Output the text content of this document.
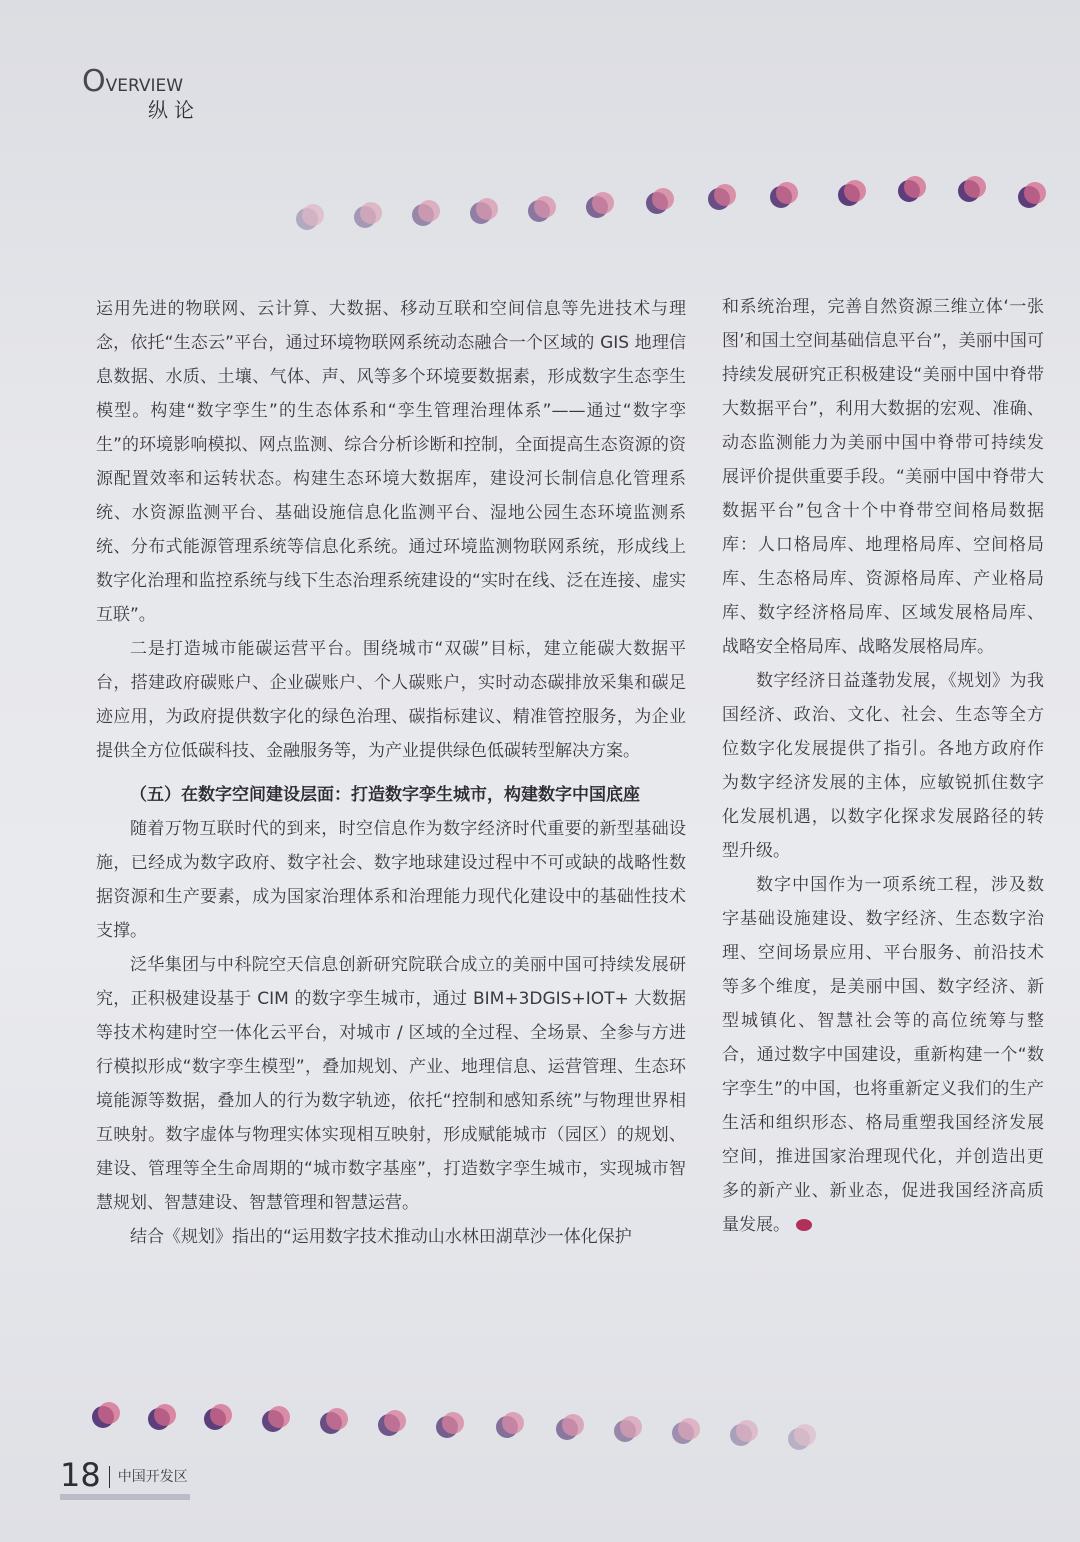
OVERVIEW
纵论

运用先进的物联网、云计算、大数据、移动互联和空间信息等先进技术与理念，依托“生态云”平台，通过环境物联网系统动态融合一个区域的 GIS 地理信息数据、水质、土壤、气体、声、风等多个环境要数据素，形成数字生态孪生模型。构建“数字孪生”的生态体系和“孪生管理治理体系”——通过“数字孪生”的环境影响模拟、网点监测、综合分析诊断和控制，全面提高生态资源的资源配置效率和运转状态。构建生态环境大数据库，建设河长制信息化管理系统、水资源监测平台、基础设施信息化监测平台、湿地公园生态环境监测系统、分布式能源管理系统等信息化系统。通过环境监测物联网系统，形成线上数字化治理和监控系统与线下生态治理系统建设的“实时在线、泛在连接、虚实互联”。

二是打造城市能碳运营平台。围绕城市“双碳”目标，建立能碳大数据平台，搭建政府碳账户、企业碳账户、个人碳账户，实时动态碳排放采集和碳足迹应用，为政府提供数字化的绿色治理、碳指标建议、精准管控服务，为企业提供全方位低碳科技、金融服务等，为产业提供绿色低碳转型解决方案。

（五）在数字空间建设层面：打造数字孪生城市，构建数字中国底座

随着万物互联时代的到来，时空信息作为数字经济时代重要的新型基础设施，已经成为数字政府、数字社会、数字地球建设过程中不可或缺的战略性数据资源和生产要素，成为国家治理体系和治理能力现代化建设中的基础性技术支撑。

泛华集团与中科院空天信息创新研究院联合成立的美丽中国可持续发展研究，正积极建设基于 CIM 的数字孪生城市，通过 BIM+3DGIS+IOT+ 大数据等技术构建时空一体化云平台，对城市 / 区域的全过程、全场景、全参与方进行模拟形成“数字孪生模型”，叠加规划、产业、地理信息、运营管理、生态环境能源等数据，叠加人的行为数字轨迹，依托“控制和感知系统”与物理世界相互映射。数字虚体与物理实体实现相互映射，形成赋能城市（园区）的规划、建设、管理等全生命周期的“城市数字基座”，打造数字孪生城市，实现城市智慧规划、智慧建设、智慧管理和智慧运营。

结合《规划》指出的“运用数字技术推动山水林田湖草沙一体化保护

和系统治理，完善自然资源三维立体‘一张图’和国土空间基础信息平台”，美丽中国可持续发展研究正积极建设“美丽中国中脊带大数据平台”，利用大数据的宏观、准确、动态监测能力为美丽中国中脊带可持续发展评价提供重要手段。“美丽中国中脊带大数据平台”包含十个中脊带空间格局数据库：人口格局库、地理格局库、空间格局库、生态格局库、资源格局库、产业格局库、数字经济格局库、区域发展格局库、战略安全格局库、战略发展格局库。

数字经济日益蓬勃发展，《规划》为我国经济、政治、文化、社会、生态等全方位数字化发展提供了指引。各地方政府作为数字经济发展的主体，应敏锐抓住数字化发展机遇，以数字化探求发展路径的转型升级。

数字中国作为一项系统工程，涉及数字基础设施建设、数字经济、生态数字治理、空间场景应用、平台服务、前沿技术等多个维度，是美丽中国、数字经济、新型城镇化、智慧社会等的高位统筹与整合，通过数字中国建设，重新构建一个“数字孪生”的中国，也将重新定义我们的生产生活和组织形态、格局重塑我国经济发展空间，推进国家治理现代化，并创造出更多的新产业、新业态，促进我国经济高质量发展。

18 中国开发区
